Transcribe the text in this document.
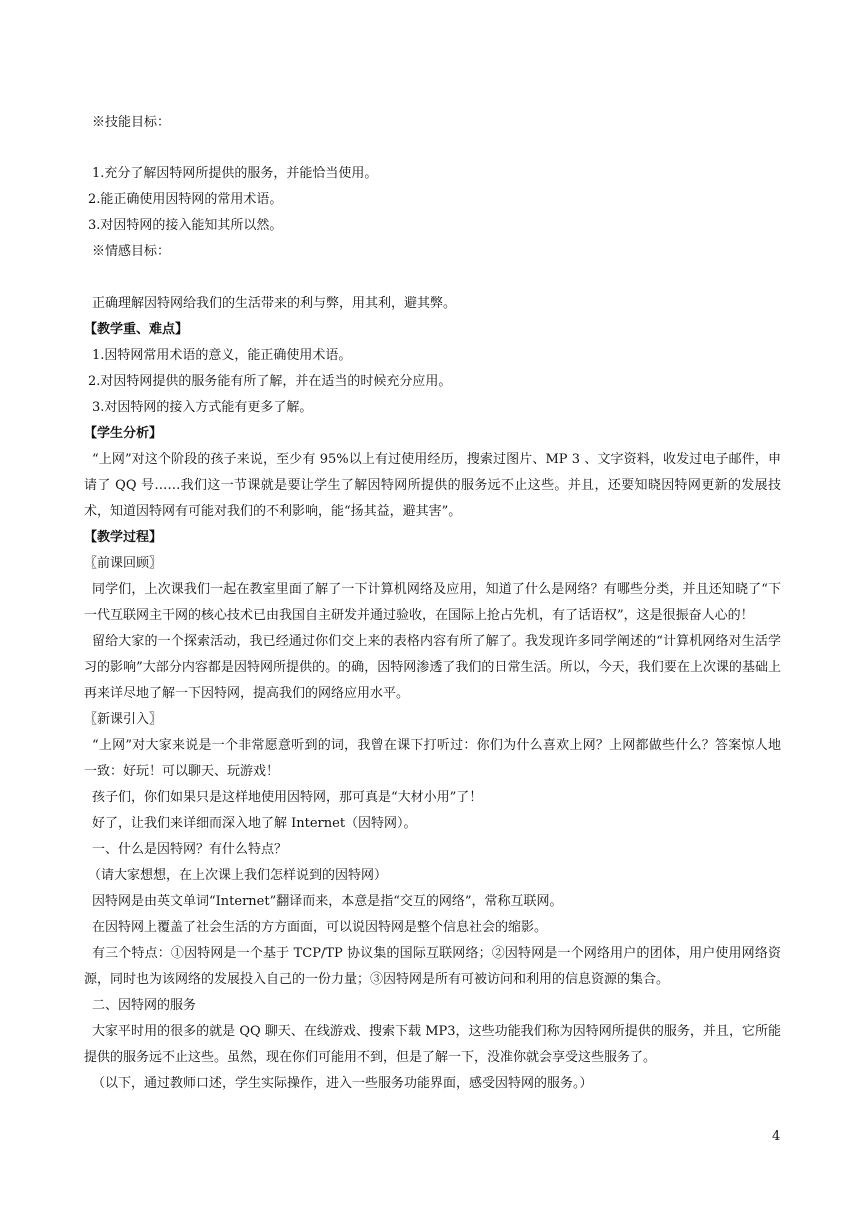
※技能目标：
1.充分了解因特网所提供的服务，并能恰当使用。
2.能正确使用因特网的常用术语。
3.对因特网的接入能知其所以然。
※情感目标：
正确理解因特网给我们的生活带来的利与弊，用其利，避其弊。
【教学重、难点】
1.因特网常用术语的意义，能正确使用术语。
2.对因特网提供的服务能有所了解，并在适当的时候充分应用。
3.对因特网的接入方式能有更多了解。
【学生分析】
“上网”对这个阶段的孩子来说，至少有 95%以上有过使用经历，搜索过图片、MP 3 、文字资料，收发过电子邮件，申请了 QQ 号……我们这一节课就是要让学生了解因特网所提供的服务远不止这些。并且，还要知晓因特网更新的发展技术，知道因特网有可能对我们的不利影响，能“扬其益，避其害”。
【教学过程】
〖前课回顾〗
同学们，上次课我们一起在教室里面了解了一下计算机网络及应用，知道了什么是网络？有哪些分类，并且还知晓了“下一代互联网主干网的核心技术已由我国自主研发并通过验收，在国际上抢占先机，有了话语权”，这是很振奋人心的！
留给大家的一个探索活动，我已经通过你们交上来的表格内容有所了解了。我发现许多同学阐述的“计算机网络对生活学习的影响”大部分内容都是因特网所提供的。的确，因特网渗透了我们的日常生活。所以，今天，我们要在上次课的基础上再来详尽地了解一下因特网，提高我们的网络应用水平。
〖新课引入〗
“上网”对大家来说是一个非常愿意听到的词，我曾在课下打听过：你们为什么喜欢上网？上网都做些什么？答案惊人地一致：好玩！可以聊天、玩游戏！
孩子们，你们如果只是这样地使用因特网，那可真是“大材小用”了！
好了，让我们来详细而深入地了解 Internet（因特网）。
一、什么是因特网？有什么特点？
（请大家想想，在上次课上我们怎样说到的因特网）
因特网是由英文单词“Internet”翻译而来，本意是指“交互的网络”，常称互联网。
在因特网上覆盖了社会生活的方方面面，可以说因特网是整个信息社会的缩影。
有三个特点：①因特网是一个基于 TCP/TP 协议集的国际互联网络；②因特网是一个网络用户的团体，用户使用网络资源，同时也为该网络的发展投入自己的一份力量；③因特网是所有可被访问和利用的信息资源的集合。
二、因特网的服务
大家平时用的很多的就是 QQ 聊天、在线游戏、搜索下载 MP3，这些功能我们称为因特网所提供的服务，并且，它所能提供的服务远不止这些。虽然，现在你们可能用不到，但是了解一下，没准你就会享受这些服务了。
（以下，通过教师口述，学生实际操作，进入一些服务功能界面，感受因特网的服务。）
4
